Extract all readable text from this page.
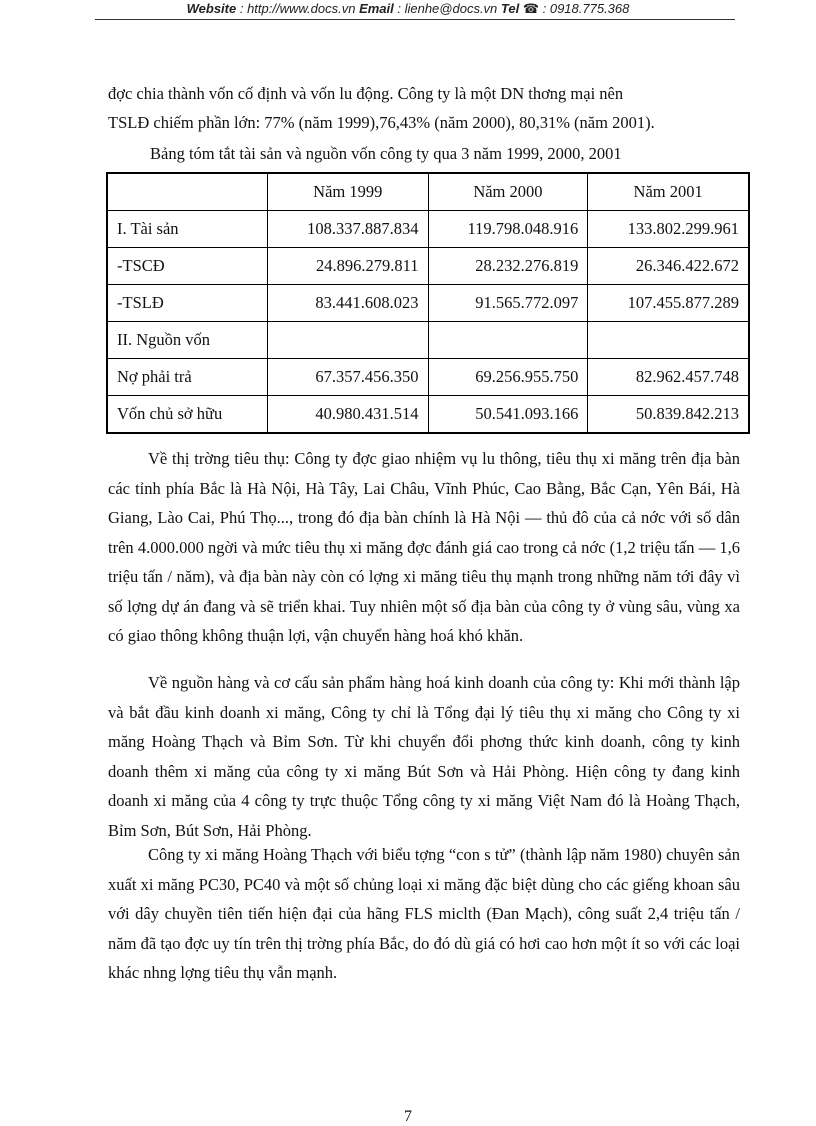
Website : http://www.docs.vn Email : lienhe@docs.vn Tel ☎ : 0918.775.368

đợc chia thành vốn cố định và vốn lu động. Công ty là một DN thơng mại nên

TSLĐ chiếm phần lớn: 77% (năm 1999),76,43% (năm 2000), 80,31% (năm 2001).

Bảng tóm tắt tài sản và nguồn vốn công ty qua 3 năm 1999, 2000, 2001

	Năm 1999	Năm 2000	Năm 2001
I. Tài sản	108.337.887.834	119.798.048.916	133.802.299.961
-TSCĐ	24.896.279.811	28.232.276.819	26.346.422.672
-TSLĐ	83.441.608.023	91.565.772.097	107.455.877.289
II. Nguồn vốn			
Nợ phải trả	67.357.456.350	69.256.955.750	82.962.457.748
Vốn chủ sở hữu	40.980.431.514	50.541.093.166	50.839.842.213

Về thị trờng tiêu thụ: Công ty đợc giao nhiệm vụ lu thông, tiêu thụ xi măng trên địa bàn các tỉnh phía Bắc là Hà Nội, Hà Tây, Lai Châu, Vĩnh Phúc, Cao Bằng, Bắc Cạn, Yên Bái, Hà Giang, Lào Cai, Phú Thọ..., trong đó địa bàn chính là Hà Nội — thủ đô của cả nớc với số dân trên 4.000.000 ngời và mức tiêu thụ xi măng đợc đánh giá cao trong cả nớc (1,2 triệu tấn — 1,6 triệu tấn / năm), và địa bàn này còn có lợng xi măng tiêu thụ mạnh trong những năm tới đây vì số lợng dự án đang và sẽ triển khai. Tuy nhiên một số địa bàn của công ty ở vùng sâu, vùng xa có giao thông không thuận lợi, vận chuyển hàng hoá khó khăn.

Về nguồn hàng và cơ cấu sản phẩm hàng hoá kinh doanh của công ty: Khi mới thành lập và bắt đầu kinh doanh xi măng, Công ty chỉ là Tổng đại lý tiêu thụ xi măng cho Công ty xi măng Hoàng Thạch và Bỉm Sơn. Từ khi chuyển đổi phơng thức kinh doanh, công ty kinh doanh thêm xi măng của công ty xi măng Bút Sơn và Hải Phòng. Hiện công ty đang kinh doanh xi măng của 4 công ty trực thuộc Tổng công ty xi măng Việt Nam đó là Hoàng Thạch, Bỉm Sơn, Bút Sơn, Hải Phòng.

Công ty xi măng Hoàng Thạch với biểu tợng “con s tử” (thành lập năm 1980) chuyên sản xuất xi măng PC30, PC40 và một số chủng loại xi măng đặc biệt dùng cho các giếng khoan sâu với dây chuyền tiên tiến hiện đại của hãng FLS miclth (Đan Mạch), công suất 2,4 triệu tấn / năm đã tạo đợc uy tín trên thị trờng phía Bắc, do đó dù giá có hơi cao hơn một ít so với các loại khác nhng lợng tiêu thụ vẫn mạnh.

7
